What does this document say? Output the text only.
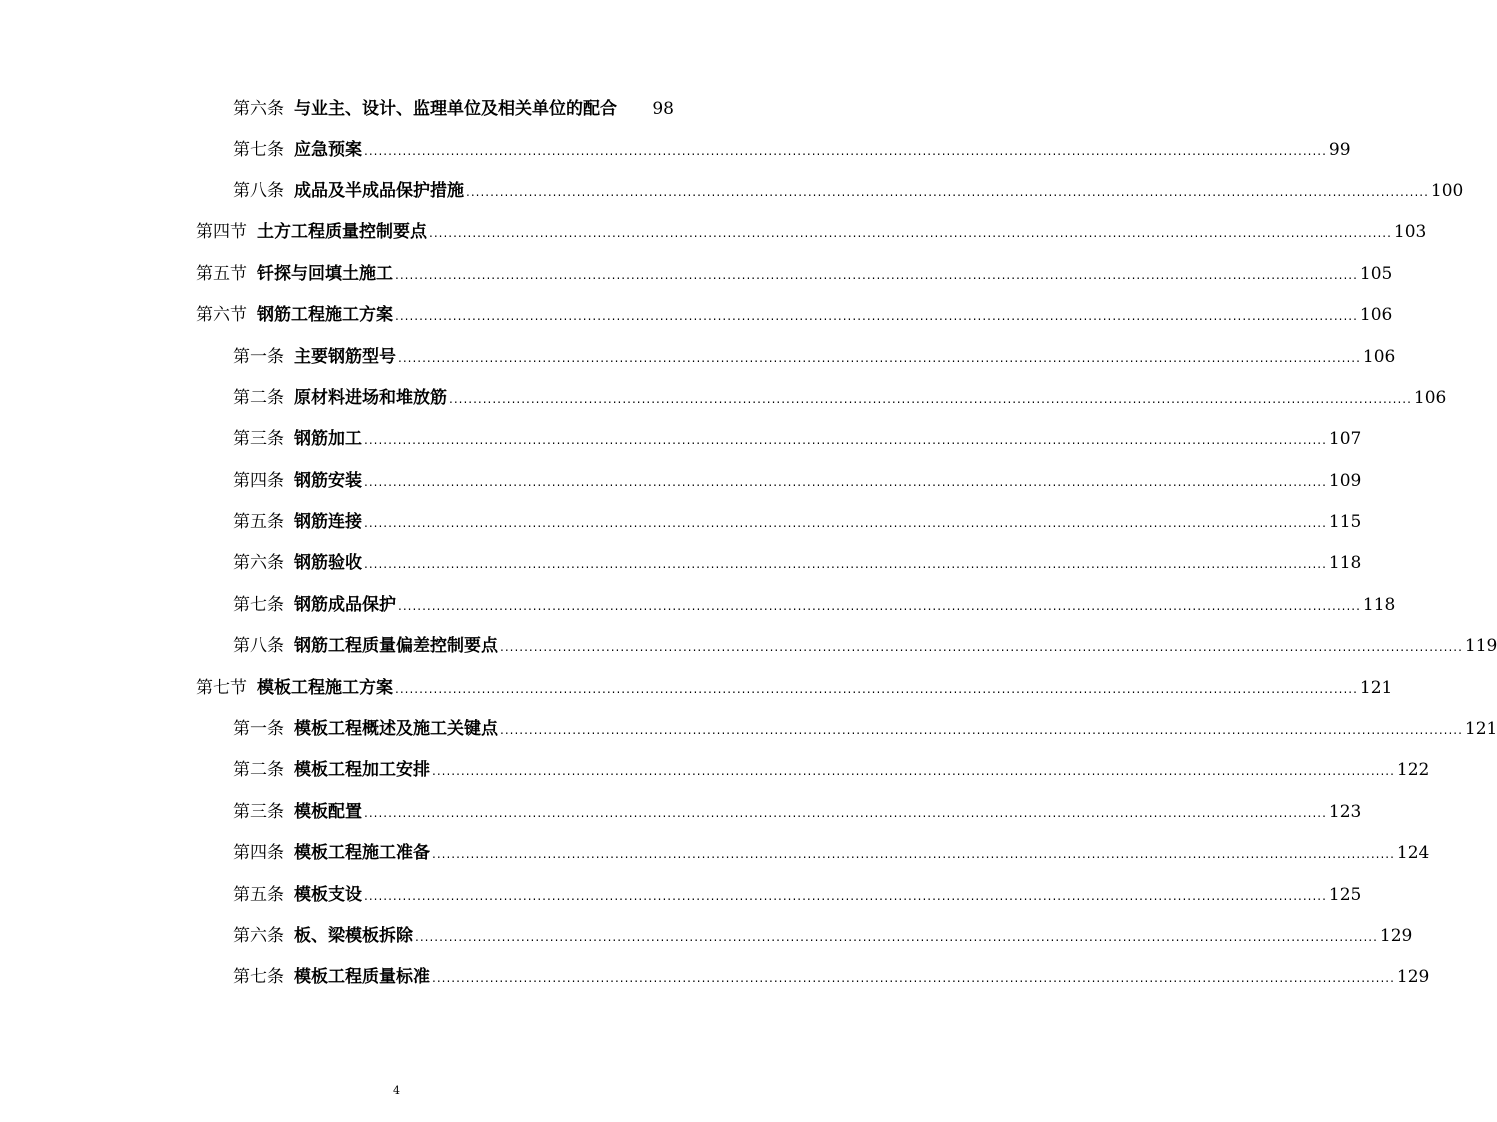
第六条 与业主、设计、监理单位及相关单位的配合 98
第七条 应急预案 ........................................................................................................................................................................................................ 99
第八条 成品及半成品保护措施 ........................................................................................................................................................................................................ 100
第四节 土方工程质量控制要点 ........................................................................................................................................................................................................ 103
第五节 钎探与回填土施工 ........................................................................................................................................................................................................ 105
第六节 钢筋工程施工方案 ........................................................................................................................................................................................................ 106
第一条 主要钢筋型号 ........................................................................................................................................................................................................ 106
第二条 原材料进场和堆放筋 ........................................................................................................................................................................................................ 106
第三条 钢筋加工 ........................................................................................................................................................................................................ 107
第四条 钢筋安装 ........................................................................................................................................................................................................ 109
第五条 钢筋连接 ........................................................................................................................................................................................................ 115
第六条 钢筋验收 ........................................................................................................................................................................................................ 118
第七条 钢筋成品保护 ........................................................................................................................................................................................................ 118
第八条 钢筋工程质量偏差控制要点 ........................................................................................................................................................................................................ 119
第七节 模板工程施工方案 ........................................................................................................................................................................................................ 121
第一条 模板工程概述及施工关键点 ........................................................................................................................................................................................................ 121
第二条 模板工程加工安排 ........................................................................................................................................................................................................ 122
第三条 模板配置 ........................................................................................................................................................................................................ 123
第四条 模板工程施工准备 ........................................................................................................................................................................................................ 124
第五条 模板支设 ........................................................................................................................................................................................................ 125
第六条 板、梁模板拆除 ........................................................................................................................................................................................................ 129
第七条 模板工程质量标准 ........................................................................................................................................................................................................ 129
4
